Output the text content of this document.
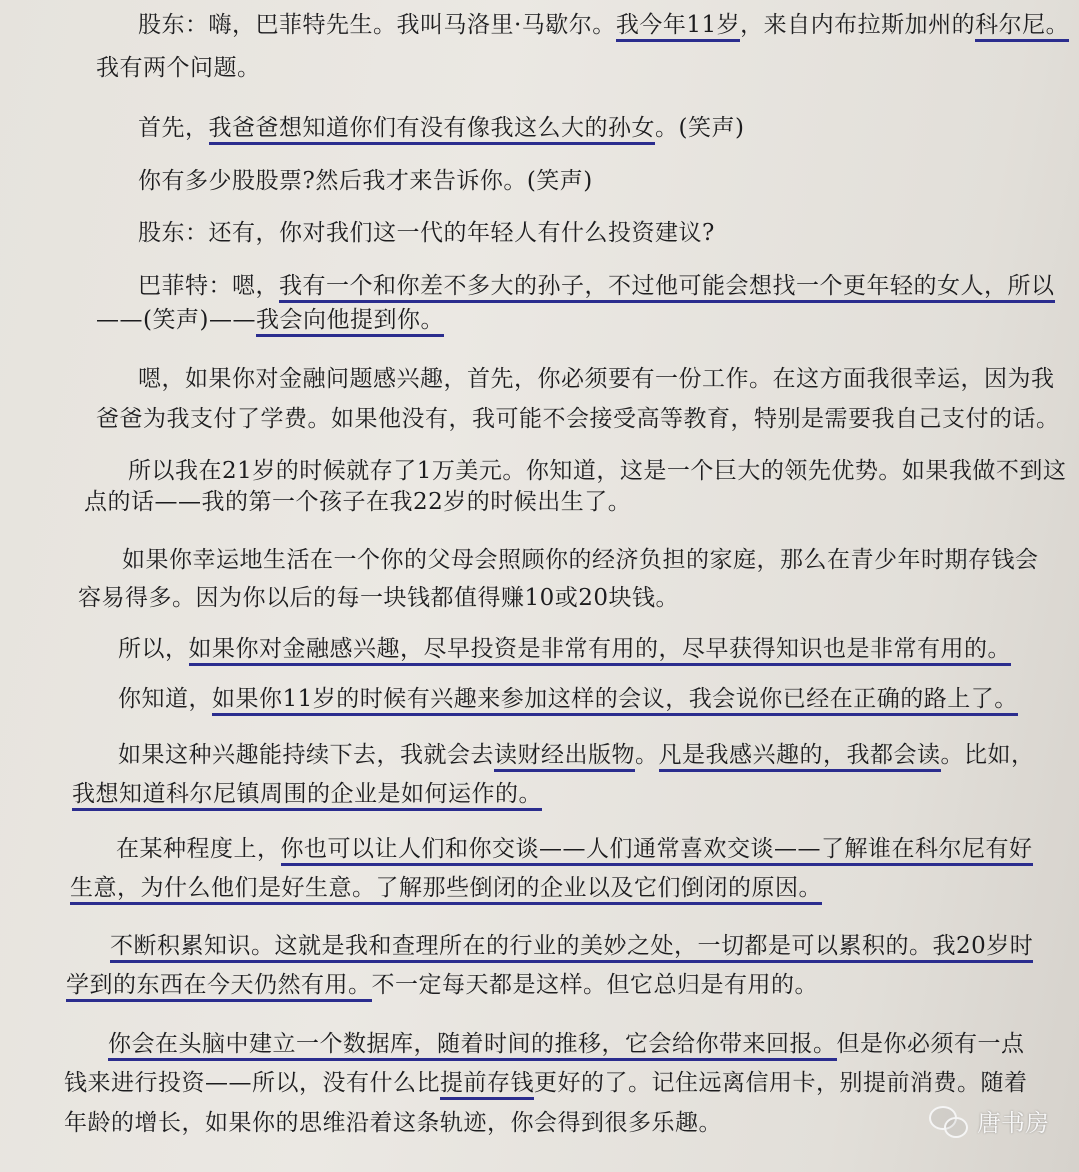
股东：嗨，巴菲特先生。我叫马洛里·马歇尔。我今年11岁，来自内布拉斯加州的科尔尼。
我有两个问题。
首先，我爸爸想知道你们有没有像我这么大的孙女。(笑声)
你有多少股股票?然后我才来告诉你。(笑声)
股东：还有，你对我们这一代的年轻人有什么投资建议?
巴菲特：嗯，我有一个和你差不多大的孙子，不过他可能会想找一个更年轻的女人，所以
——(笑声)——我会向他提到你。
嗯，如果你对金融问题感兴趣，首先，你必须要有一份工作。在这方面我很幸运，因为我
爸爸为我支付了学费。如果他没有，我可能不会接受高等教育，特别是需要我自己支付的话。
所以我在21岁的时候就存了1万美元。你知道，这是一个巨大的领先优势。如果我做不到这
点的话——我的第一个孩子在我22岁的时候出生了。
如果你幸运地生活在一个你的父母会照顾你的经济负担的家庭，那么在青少年时期存钱会
容易得多。因为你以后的每一块钱都值得赚10或20块钱。
所以，如果你对金融感兴趣，尽早投资是非常有用的，尽早获得知识也是非常有用的。
你知道，如果你11岁的时候有兴趣来参加这样的会议，我会说你已经在正确的路上了。
如果这种兴趣能持续下去，我就会去读财经出版物。凡是我感兴趣的，我都会读。比如，
我想知道科尔尼镇周围的企业是如何运作的。
在某种程度上，你也可以让人们和你交谈——人们通常喜欢交谈——了解谁在科尔尼有好
生意，为什么他们是好生意。了解那些倒闭的企业以及它们倒闭的原因。
不断积累知识。这就是我和查理所在的行业的美妙之处，一切都是可以累积的。我20岁时
学到的东西在今天仍然有用。不一定每天都是这样。但它总归是有用的。
你会在头脑中建立一个数据库，随着时间的推移，它会给你带来回报。但是你必须有一点
钱来进行投资——所以，没有什么比提前存钱更好的了。记住远离信用卡，别提前消费。随着
年龄的增长，如果你的思维沿着这条轨迹，你会得到很多乐趣。	唐书房
